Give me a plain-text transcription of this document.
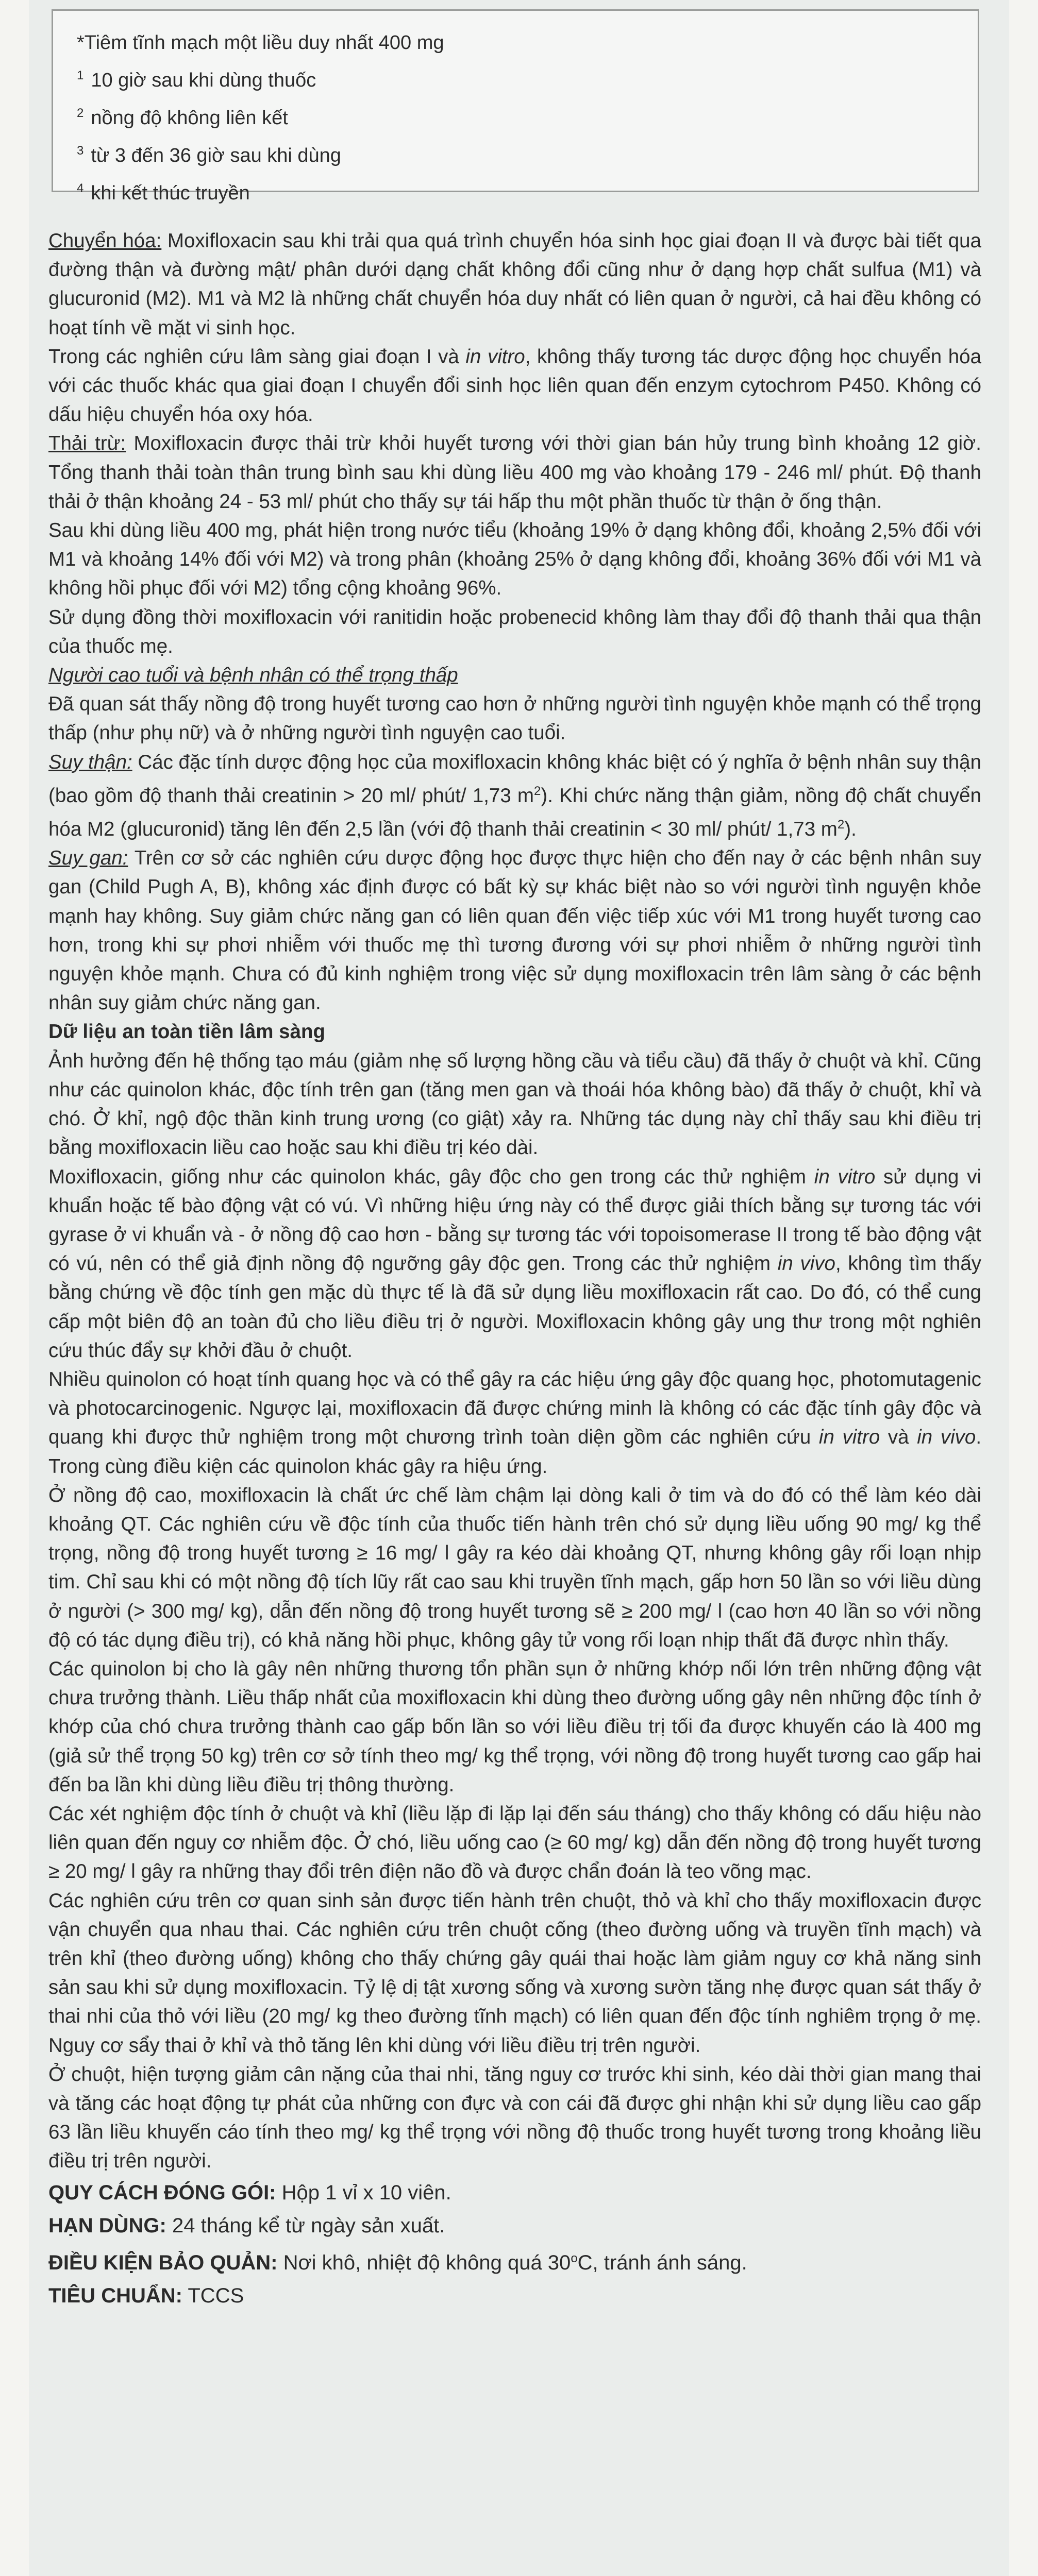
*Tiêm tĩnh mạch một liều duy nhất 400 mg
$^1$ 10 giờ sau khi dùng thuốc
$^2$ nồng độ không liên kết
$^3$ từ 3 đến 36 giờ sau khi dùng
$^4$ khi kết thúc truyền

Chuyển hóa: Moxifloxacin sau khi trải qua quá trình chuyển hóa sinh học giai đoạn II và được bài tiết qua đường thận và đường mật/ phân dưới dạng chất không đổi cũng như ở dạng hợp chất sulfua (M1) và glucuronid (M2). M1 và M2 là những chất chuyển hóa duy nhất có liên quan ở người, cả hai đều không có hoạt tính về mặt vi sinh học.

Trong các nghiên cứu lâm sàng giai đoạn I và in vitro, không thấy tương tác dược động học chuyển hóa với các thuốc khác qua giai đoạn I chuyển đổi sinh học liên quan đến enzym cytochrom P450. Không có dấu hiệu chuyển hóa oxy hóa.

Thải trừ: Moxifloxacin được thải trừ khỏi huyết tương với thời gian bán hủy trung bình khoảng 12 giờ. Tổng thanh thải toàn thân trung bình sau khi dùng liều 400 mg vào khoảng 179 - 246 ml/ phút. Độ thanh thải ở thận khoảng 24 - 53 ml/ phút cho thấy sự tái hấp thu một phần thuốc từ thận ở ống thận.

Sau khi dùng liều 400 mg, phát hiện trong nước tiểu (khoảng 19% ở dạng không đổi, khoảng 2,5% đối với M1 và khoảng 14% đối với M2) và trong phân (khoảng 25% ở dạng không đổi, khoảng 36% đối với M1 và không hồi phục đối với M2) tổng cộng khoảng 96%.

Sử dụng đồng thời moxifloxacin với ranitidin hoặc probenecid không làm thay đổi độ thanh thải qua thận của thuốc mẹ.

Người cao tuổi và bệnh nhân có thể trọng thấp

Đã quan sát thấy nồng độ trong huyết tương cao hơn ở những người tình nguyện khỏe mạnh có thể trọng thấp (như phụ nữ) và ở những người tình nguyện cao tuổi.

Suy thận: Các đặc tính dược động học của moxifloxacin không khác biệt có ý nghĩa ở bệnh nhân suy thận (bao gồm độ thanh thải creatinin > 20 ml/ phút/ 1,73 $m^2$). Khi chức năng thận giảm, nồng độ chất chuyển hóa M2 (glucuronid) tăng lên đến 2,5 lần (với độ thanh thải creatinin < 30 ml/ phút/ 1,73 $m^2$).

Suy gan: Trên cơ sở các nghiên cứu dược động học được thực hiện cho đến nay ở các bệnh nhân suy gan (Child Pugh A, B), không xác định được có bất kỳ sự khác biệt nào so với người tình nguyện khỏe mạnh hay không. Suy giảm chức năng gan có liên quan đến việc tiếp xúc với M1 trong huyết tương cao hơn, trong khi sự phơi nhiễm với thuốc mẹ thì tương đương với sự phơi nhiễm ở những người tình nguyện khỏe mạnh. Chưa có đủ kinh nghiệm trong việc sử dụng moxifloxacin trên lâm sàng ở các bệnh nhân suy giảm chức năng gan.

Dữ liệu an toàn tiền lâm sàng

Ảnh hưởng đến hệ thống tạo máu (giảm nhẹ số lượng hồng cầu và tiểu cầu) đã thấy ở chuột và khỉ. Cũng như các quinolon khác, độc tính trên gan (tăng men gan và thoái hóa không bào) đã thấy ở chuột, khỉ và chó. Ở khỉ, ngộ độc thần kinh trung ương (co giật) xảy ra. Những tác dụng này chỉ thấy sau khi điều trị bằng moxifloxacin liều cao hoặc sau khi điều trị kéo dài.

Moxifloxacin, giống như các quinolon khác, gây độc cho gen trong các thử nghiệm in vitro sử dụng vi khuẩn hoặc tế bào động vật có vú. Vì những hiệu ứng này có thể được giải thích bằng sự tương tác với gyrase ở vi khuẩn và - ở nồng độ cao hơn - bằng sự tương tác với topoisomerase II trong tế bào động vật có vú, nên có thể giả định nồng độ ngưỡng gây độc gen. Trong các thử nghiệm in vivo, không tìm thấy bằng chứng về độc tính gen mặc dù thực tế là đã sử dụng liều moxifloxacin rất cao. Do đó, có thể cung cấp một biên độ an toàn đủ cho liều điều trị ở người. Moxifloxacin không gây ung thư trong một nghiên cứu thúc đẩy sự khởi đầu ở chuột.

Nhiều quinolon có hoạt tính quang học và có thể gây ra các hiệu ứng gây độc quang học, photomutagenic và photocarcinogenic. Ngược lại, moxifloxacin đã được chứng minh là không có các đặc tính gây độc và quang khi được thử nghiệm trong một chương trình toàn diện gồm các nghiên cứu in vitro và in vivo. Trong cùng điều kiện các quinolon khác gây ra hiệu ứng.

Ở nồng độ cao, moxifloxacin là chất ức chế làm chậm lại dòng kali ở tim và do đó có thể làm kéo dài khoảng QT. Các nghiên cứu về độc tính của thuốc tiến hành trên chó sử dụng liều uống 90 mg/ kg thể trọng, nồng độ trong huyết tương ≥ 16 mg/ l gây ra kéo dài khoảng QT, nhưng không gây rối loạn nhịp tim. Chỉ sau khi có một nồng độ tích lũy rất cao sau khi truyền tĩnh mạch, gấp hơn 50 lần so với liều dùng ở người (> 300 mg/ kg), dẫn đến nồng độ trong huyết tương sẽ ≥ 200 mg/ l (cao hơn 40 lần so với nồng độ có tác dụng điều trị), có khả năng hồi phục, không gây tử vong rối loạn nhịp thất đã được nhìn thấy.

Các quinolon bị cho là gây nên những thương tổn phần sụn ở những khớp nối lớn trên những động vật chưa trưởng thành. Liều thấp nhất của moxifloxacin khi dùng theo đường uống gây nên những độc tính ở khớp của chó chưa trưởng thành cao gấp bốn lần so với liều điều trị tối đa được khuyến cáo là 400 mg (giả sử thể trọng 50 kg) trên cơ sở tính theo mg/ kg thể trọng, với nồng độ trong huyết tương cao gấp hai đến ba lần khi dùng liều điều trị thông thường.

Các xét nghiệm độc tính ở chuột và khỉ (liều lặp đi lặp lại đến sáu tháng) cho thấy không có dấu hiệu nào liên quan đến nguy cơ nhiễm độc. Ở chó, liều uống cao (≥ 60 mg/ kg) dẫn đến nồng độ trong huyết tương ≥ 20 mg/ l gây ra những thay đổi trên điện não đồ và được chẩn đoán là teo võng mạc.

Các nghiên cứu trên cơ quan sinh sản được tiến hành trên chuột, thỏ và khỉ cho thấy moxifloxacin được vận chuyển qua nhau thai. Các nghiên cứu trên chuột cống (theo đường uống và truyền tĩnh mạch) và trên khỉ (theo đường uống) không cho thấy chứng gây quái thai hoặc làm giảm nguy cơ khả năng sinh sản sau khi sử dụng moxifloxacin. Tỷ lệ dị tật xương sống và xương sườn tăng nhẹ được quan sát thấy ở thai nhi của thỏ với liều (20 mg/ kg theo đường tĩnh mạch) có liên quan đến độc tính nghiêm trọng ở mẹ. Nguy cơ sẩy thai ở khỉ và thỏ tăng lên khi dùng với liều điều trị trên người.

Ở chuột, hiện tượng giảm cân nặng của thai nhi, tăng nguy cơ trước khi sinh, kéo dài thời gian mang thai và tăng các hoạt động tự phát của những con đực và con cái đã được ghi nhận khi sử dụng liều cao gấp 63 lần liều khuyến cáo tính theo mg/ kg thể trọng với nồng độ thuốc trong huyết tương trong khoảng liều điều trị trên người.

QUY CÁCH ĐÓNG GÓI: Hộp 1 vỉ x 10 viên.
HẠN DÙNG: 24 tháng kể từ ngày sản xuất.
ĐIỀU KIỆN BẢO QUẢN: Nơi khô, nhiệt độ không quá 30$^o$C, tránh ánh sáng.
TIÊU CHUẨN: TCCS
